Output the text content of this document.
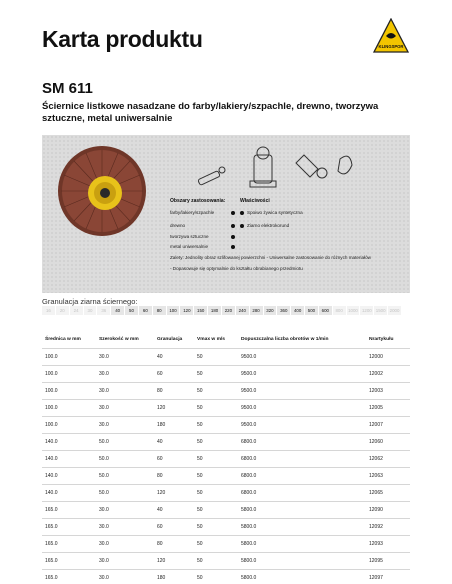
Karta produktu	KLINGSPOR
SM 611
Ściernice listkowe nasadzane do farby/lakiery/szpachle, drewno, tworzywa sztuczne, metal uniwersalnie
Obszary zastosowania:	Właściwości
farby/lakiery/szpachle
drewno
tworzywa sztuczne
metal uniwersalnie
Spoiwo żywica syntetyczna
Ziarno elektrokorund
Zalety: Jednolity obraz szlifowanej powierzchni - Uniwersalne zastosowanie do różnych materiałów
- Dopasowuje się optymalnie do kształtu obrabianego przedmiotu
Granulacja ziarna ściernego:
16	20	24	30	36	40	50	60	80	100	120	150	180	220	240	280	320	360	400	500	600	800	1000 1200 1500 2000
Średnica w mm	Szerokość w mm	Granulacja	Vmax w m/s	Dopuszczalna liczba obrotów w 1/min	Nrartykułu
100.0	30.0	40	50	9500.0	12000
100.0	30.0	60	50	9500.0	12002
100.0	30.0	80	50	9500.0	12003
100.0	30.0	120	50	9500.0	12005
100.0	30.0	180	50	9500.0	12007
140.0	50.0	40	50	6800.0	12060
140.0	50.0	60	50	6800.0	12062
140.0	50.0	80	50	6800.0	12063
140.0	50.0	120	50	6800.0	12065
165.0	30.0	40	50	5800.0	12090
165.0	30.0	60	50	5800.0	12092
165.0	30.0	80	50	5800.0	12093
165.0	30.0	120	50	5800.0	12095
165.0	30.0	180	50	5800.0	12097
